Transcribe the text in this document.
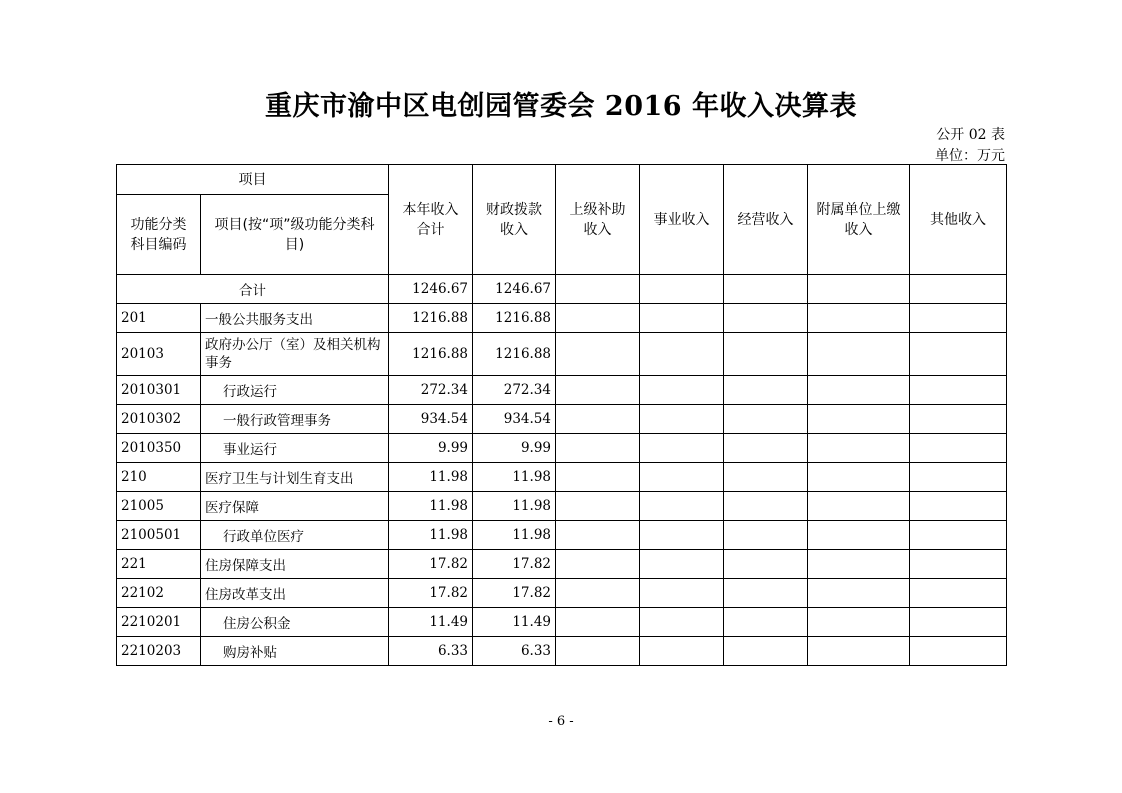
重庆市渝中区电创园管委会 2016 年收入决算表
公开 02 表
单位：万元
项目		本年收入合计	财政拨款收入	上级补助收入	事业收入	经营收入	附属单位上缴收入	其他收入

功能分类科目编码	项目(按“项”级功能分类科目)							

合计		1246.67	1246.67					
201	一般公共服务支出	1216.88	1216.88					
20103	政府办公厅（室）及相关机构事务	1216.88	1216.88					
2010301	行政运行	272.34	272.34					
2010302	一般行政管理事务	934.54	934.54					
2010350	事业运行	9.99	9.99					
210	医疗卫生与计划生育支出	11.98	11.98					
21005	医疗保障	11.98	11.98					
2100501	行政单位医疗	11.98	11.98					
221	住房保障支出	17.82	17.82					
22102	住房改革支出	17.82	17.82					
2210201	住房公积金	11.49	11.49					
2210203	购房补贴	6.33	6.33					
- 6 -
